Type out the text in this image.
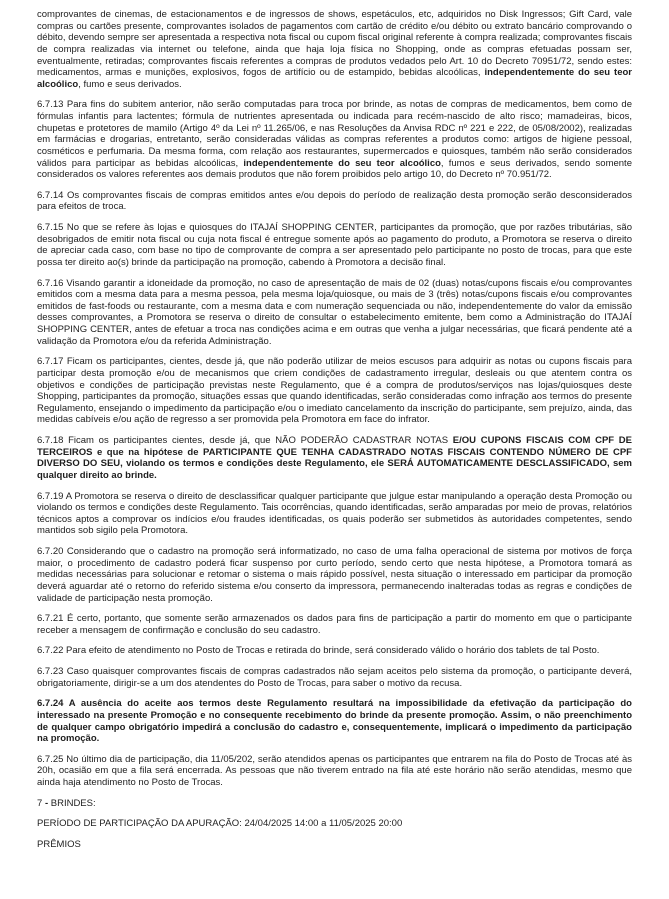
comprovantes de cinemas, de estacionamentos e de ingressos de shows, espetáculos, etc, adquiridos no Disk Ingressos; Gift Card, vale compras ou cartões presente, comprovantes isolados de pagamentos com cartão de crédito e/ou débito ou extrato bancário comprovando o débito, devendo sempre ser apresentada a respectiva nota fiscal ou cupom fiscal original referente à compra realizada; comprovantes fiscais de compra realizadas via internet ou telefone, ainda que haja loja física no Shopping, onde as compras efetuadas possam ser, eventualmente, retiradas; comprovantes fiscais referentes a compras de produtos vedados pelo Art. 10 do Decreto 70951/72, sendo estes: medicamentos, armas e munições, explosivos, fogos de artifício ou de estampido, bebidas alcoólicas, independentemente do seu teor alcoólico, fumo e seus derivados.

6.7.13 Para fins do subitem anterior, não serão computadas para troca por brinde, as notas de compras de medicamentos, bem como de fórmulas infantis para lactentes; fórmula de nutrientes apresentada ou indicada para recém-nascido de alto risco; mamadeiras, bicos, chupetas e protetores de mamilo (Artigo 4º da Lei nº 11.265/06, e nas Resoluções da Anvisa RDC nº 221 e 222, de 05/08/2002), realizadas em farmácias e drogarias, entretanto, serão consideradas válidas as compras referentes a produtos como: artigos de higiene pessoal, cosméticos e perfumaria. Da mesma forma, com relação aos restaurantes, supermercados e quiosques, também não serão considerados válidos para participar as bebidas alcoólicas, independentemente do seu teor alcoólico, fumos e seus derivados, sendo somente considerados os valores referentes aos demais produtos que não forem proibidos pelo artigo 10, do Decreto nº 70.951/72.

6.7.14 Os comprovantes fiscais de compras emitidos antes e/ou depois do período de realização desta promoção serão desconsiderados para efeitos de troca.

6.7.15 No que se refere às lojas e quiosques do ITAJAÍ SHOPPING CENTER, participantes da promoção, que por razões tributárias, são desobrigados de emitir nota fiscal ou cuja nota fiscal é entregue somente após ao pagamento do produto, a Promotora se reserva o direito de apreciar cada caso, com base no tipo de comprovante de compra a ser apresentado pelo participante no posto de trocas, para que este possa ter direito ao(s) brinde da participação na promoção, cabendo à Promotora a decisão final.

6.7.16 Visando garantir a idoneidade da promoção, no caso de apresentação de mais de 02 (duas) notas/cupons fiscais e/ou comprovantes emitidos com a mesma data para a mesma pessoa, pela mesma loja/quiosque, ou mais de 3 (três) notas/cupons fiscais e/ou comprovantes emitidos de fast-foods ou restaurante, com a mesma data e com numeração sequenciada ou não, independentemente do valor da emissão desses comprovantes, a Promotora se reserva o direito de consultar o estabelecimento emitente, bem como a Administração do ITAJAÍ SHOPPING CENTER, antes de efetuar a troca nas condições acima e em outras que venha a julgar necessárias, que ficará pendente até a validação da Promotora e/ou da referida Administração.

6.7.17 Ficam os participantes, cientes, desde já, que não poderão utilizar de meios escusos para adquirir as notas ou cupons fiscais para participar desta promoção e/ou de mecanismos que criem condições de cadastramento irregular, desleais ou que atentem contra os objetivos e condições de participação previstas neste Regulamento, que é a compra de produtos/serviços nas lojas/quiosques deste Shopping, participantes da promoção, situações essas que quando identificadas, serão consideradas como infração aos termos do presente Regulamento, ensejando o impedimento da participação e/ou o imediato cancelamento da inscrição do participante, sem prejuízo, ainda, das medidas cabíveis e/ou ação de regresso a ser promovida pela Promotora em face do infrator.

6.7.18 Ficam os participantes cientes, desde já, que NÃO PODERÃO CADASTRAR NOTAS E/OU CUPONS FISCAIS COM CPF DE TERCEIROS e que na hipótese de PARTICIPANTE QUE TENHA CADASTRADO NOTAS FISCAIS CONTENDO NÚMERO DE CPF DIVERSO DO SEU, violando os termos e condições deste Regulamento, ele SERÁ AUTOMATICAMENTE DESCLASSIFICADO, sem qualquer direito ao brinde.

6.7.19 A Promotora se reserva o direito de desclassificar qualquer participante que julgue estar manipulando a operação desta Promoção ou violando os termos e condições deste Regulamento. Tais ocorrências, quando identificadas, serão amparadas por meio de provas, relatórios técnicos aptos a comprovar os indícios e/ou fraudes identificadas, os quais poderão ser submetidos às autoridades competentes, sendo mantidos sob sigilo pela Promotora.

6.7.20 Considerando que o cadastro na promoção será informatizado, no caso de uma falha operacional de sistema por motivos de força maior, o procedimento de cadastro poderá ficar suspenso por curto período, sendo certo que nesta hipótese, a Promotora tomará as medidas necessárias para solucionar e retomar o sistema o mais rápido possível, nesta situação o interessado em participar da promoção deverá aguardar até o retorno do referido sistema e/ou conserto da impressora, permanecendo inalteradas todas as regras e condições de validade de participação nesta promoção.

6.7.21 É certo, portanto, que somente serão armazenados os dados para fins de participação a partir do momento em que o participante receber a mensagem de confirmação e conclusão do seu cadastro.

6.7.22 Para efeito de atendimento no Posto de Trocas e retirada do brinde, será considerado válido o horário dos tablets de tal Posto.

6.7.23 Caso quaisquer comprovantes fiscais de compras cadastrados não sejam aceitos pelo sistema da promoção, o participante deverá, obrigatoriamente, dirigir-se a um dos atendentes do Posto de Trocas, para saber o motivo da recusa.

6.7.24 A ausência do aceite aos termos deste Regulamento resultará na impossibilidade da efetivação da participação do interessado na presente Promoção e no consequente recebimento do brinde da presente promoção. Assim, o não preenchimento de qualquer campo obrigatório impedirá a conclusão do cadastro e, consequentemente, implicará o impedimento da participação na promoção.

6.7.25 No último dia de participação, dia 11/05/202, serão atendidos apenas os participantes que entrarem na fila do Posto de Trocas até às 20h, ocasião em que a fila será encerrada. As pessoas que não tiverem entrado na fila até este horário não serão atendidas, mesmo que ainda haja atendimento no Posto de Trocas.

7 - BRINDES:

PERÍODO DE PARTICIPAÇÃO DA APURAÇÃO: 24/04/2025 14:00 a 11/05/2025 20:00

PRÊMIOS
